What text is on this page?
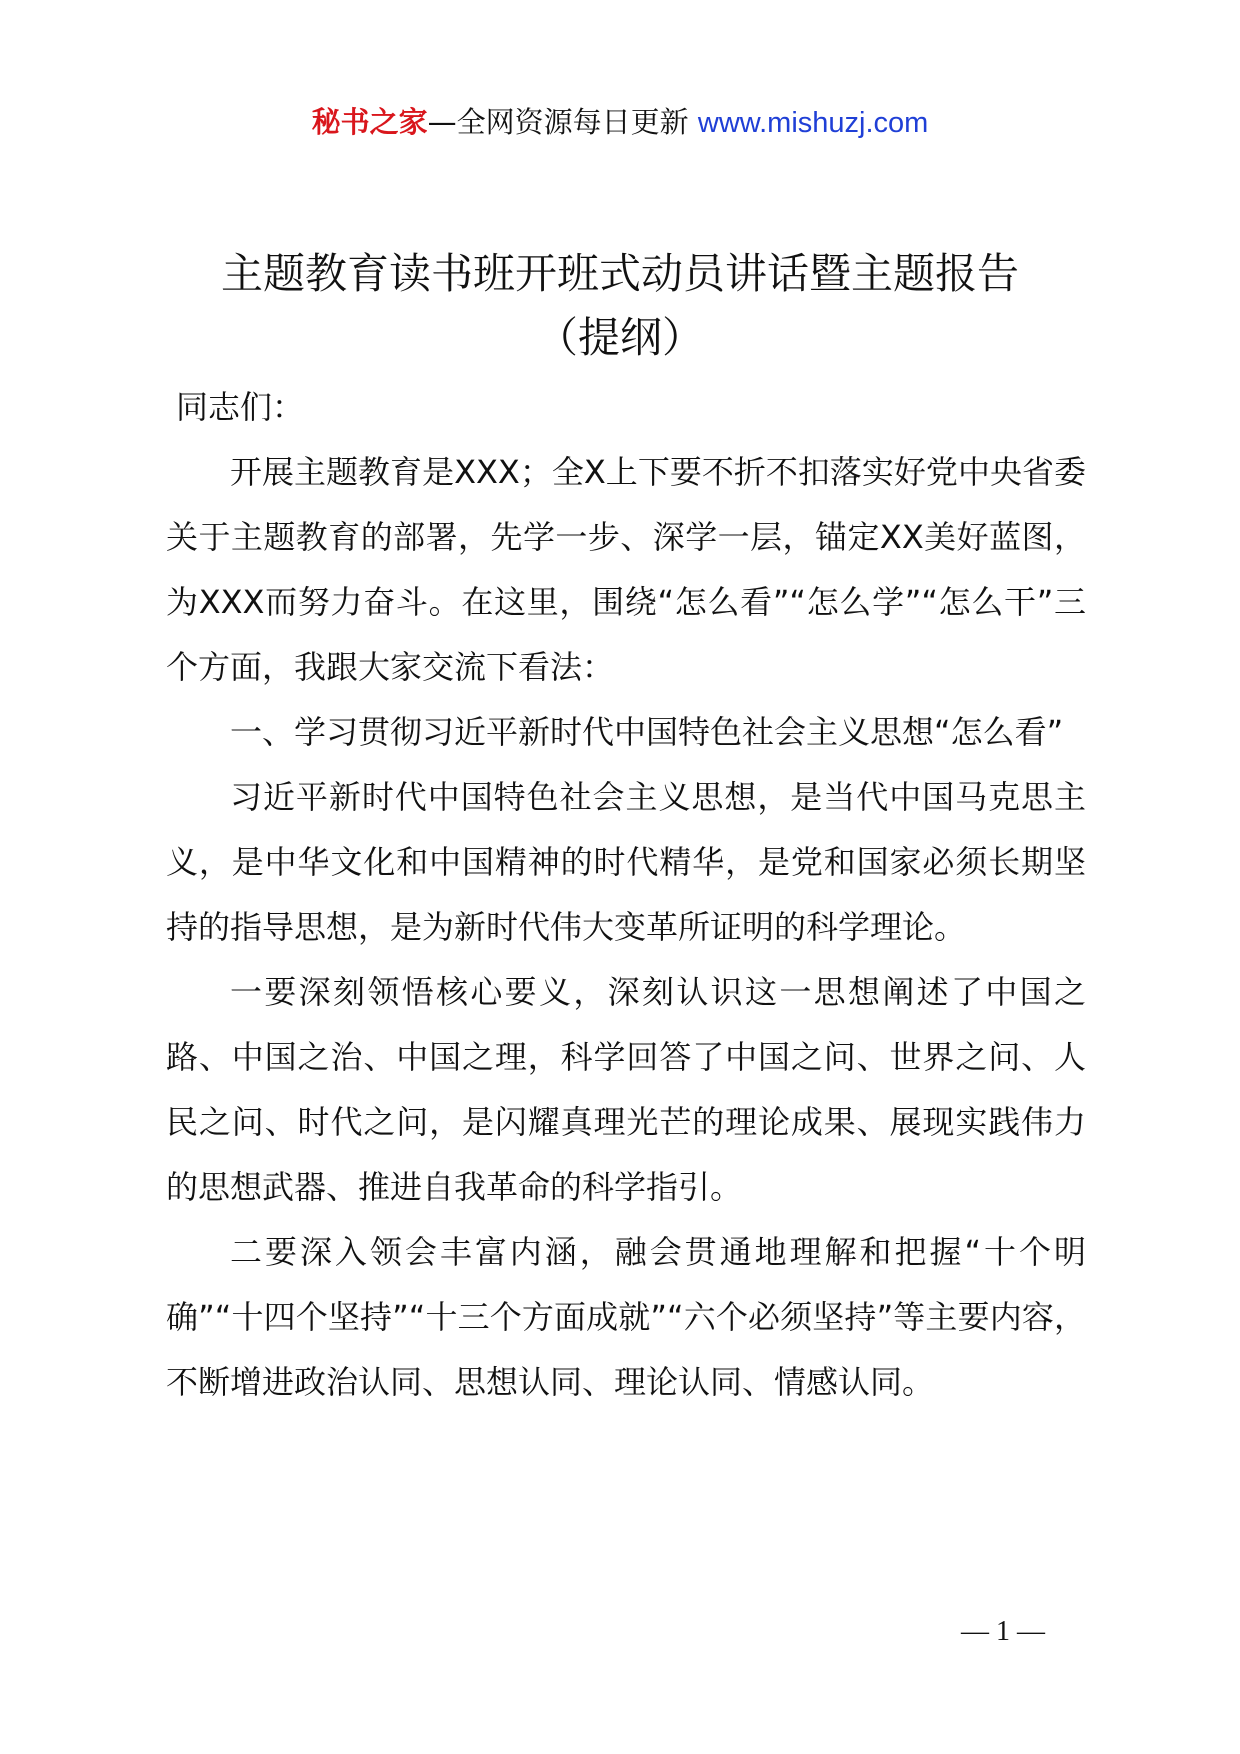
秘书之家—全网资源每日更新 www.mishuzj.com
主题教育读书班开班式动员讲话暨主题报告
（提纲）

同志们：

开展主题教育是XXX；全X上下要不折不扣落实好党中央省委关于主题教育的部署，先学一步、深学一层，锚定XX美好蓝图，为XXX而努力奋斗。在这里，围绕“怎么看”“怎么学”“怎么干”三个方面，我跟大家交流下看法：

一、学习贯彻习近平新时代中国特色社会主义思想“怎么看”

习近平新时代中国特色社会主义思想，是当代中国马克思主义，是中华文化和中国精神的时代精华，是党和国家必须长期坚持的指导思想，是为新时代伟大变革所证明的科学理论。

一要深刻领悟核心要义，深刻认识这一思想阐述了中国之路、中国之治、中国之理，科学回答了中国之问、世界之问、人民之问、时代之问，是闪耀真理光芒的理论成果、展现实践伟力的思想武器、推进自我革命的科学指引。

二要深入领会丰富内涵，融会贯通地理解和把握“十个明确”“十四个坚持”“十三个方面成就”“六个必须坚持”等主要内容，不断增进政治认同、思想认同、理论认同、情感认同。

— 1 —
